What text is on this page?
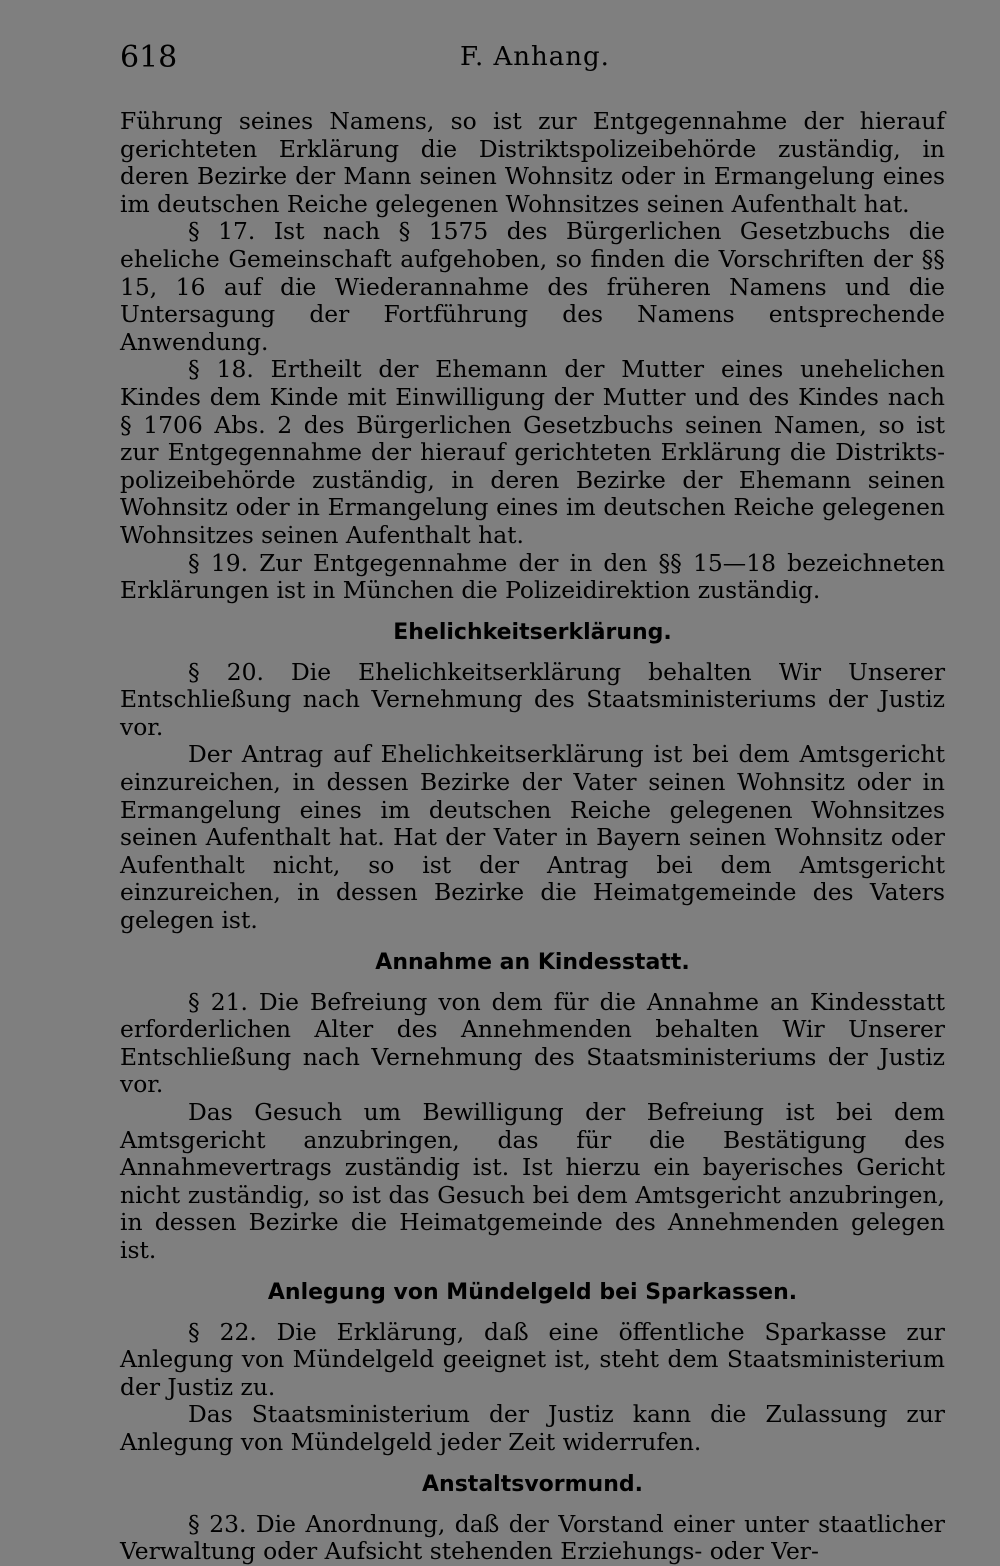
618	F. Anhang.

Führung seines Namens, so ist zur Entgegennahme der hierauf gerichteten Erklärung die Distriktspolizeibehörde zuständig, in deren Bezirke der Mann seinen Wohnsitz oder in Ermangelung eines im deutschen Reiche gelegenen Wohnsitzes seinen Aufenthalt hat.

§ 17. Ist nach § 1575 des Bürgerlichen Gesetzbuchs die eheliche Gemeinschaft aufgehoben, so finden die Vorschriften der §§ 15, 16 auf die Wiederannahme des früheren Namens und die Untersagung der Fortführung des Namens entsprechende Anwendung.

§ 18. Ertheilt der Ehemann der Mutter eines unehelichen Kindes dem Kinde mit Einwilligung der Mutter und des Kindes nach § 1706 Abs. 2 des Bürgerlichen Gesetzbuchs seinen Namen, so ist zur Entgegennahme der hierauf gerichteten Erklärung die Distrikts-polizeibehörde zuständig, in deren Bezirke der Ehemann seinen Wohnsitz oder in Ermangelung eines im deutschen Reiche gelegenen Wohnsitzes seinen Aufenthalt hat.

§ 19. Zur Entgegennahme der in den §§ 15—18 bezeichneten Erklärungen ist in München die Polizeidirektion zuständig.

Ehelichkeitserklärung.

§ 20. Die Ehelichkeitserklärung behalten Wir Unserer Entschließung nach Vernehmung des Staatsministeriums der Justiz vor.

Der Antrag auf Ehelichkeitserklärung ist bei dem Amtsgericht einzureichen, in dessen Bezirke der Vater seinen Wohnsitz oder in Ermangelung eines im deutschen Reiche gelegenen Wohnsitzes seinen Aufenthalt hat. Hat der Vater in Bayern seinen Wohnsitz oder Aufenthalt nicht, so ist der Antrag bei dem Amtsgericht einzureichen, in dessen Bezirke die Heimatgemeinde des Vaters gelegen ist.

Annahme an Kindesstatt.

§ 21. Die Befreiung von dem für die Annahme an Kindesstatt erforderlichen Alter des Annehmenden behalten Wir Unserer Entschließung nach Vernehmung des Staatsministeriums der Justiz vor.

Das Gesuch um Bewilligung der Befreiung ist bei dem Amtsgericht anzubringen, das für die Bestätigung des Annahmevertrags zuständig ist. Ist hierzu ein bayerisches Gericht nicht zuständig, so ist das Gesuch bei dem Amtsgericht anzubringen, in dessen Bezirke die Heimatgemeinde des Annehmenden gelegen ist.

Anlegung von Mündelgeld bei Sparkassen.

§ 22. Die Erklärung, daß eine öffentliche Sparkasse zur Anlegung von Mündelgeld geeignet ist, steht dem Staatsministerium der Justiz zu.

Das Staatsministerium der Justiz kann die Zulassung zur Anlegung von Mündelgeld jeder Zeit widerrufen.

Anstaltsvormund.

§ 23. Die Anordnung, daß der Vorstand einer unter staatlicher Verwaltung oder Aufsicht stehenden Erziehungs- oder Ver-
